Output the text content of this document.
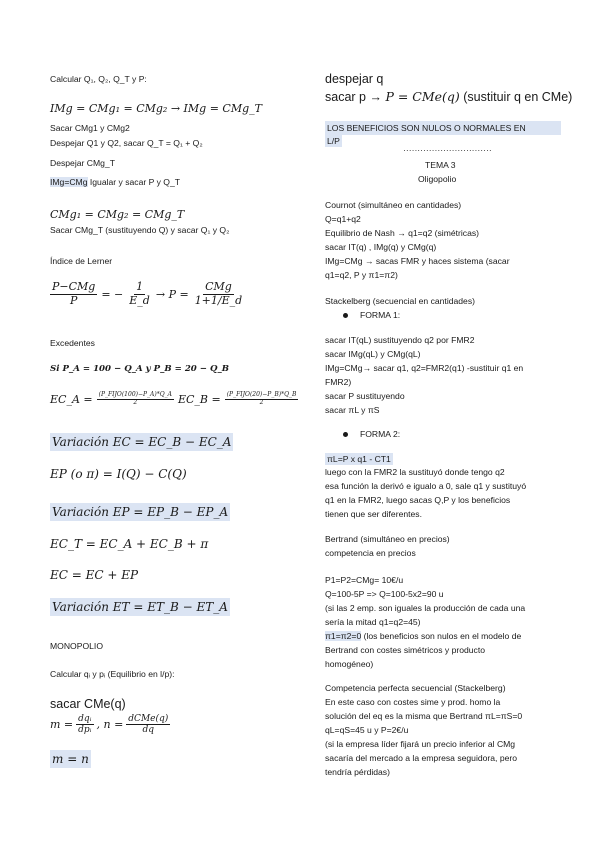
Calcular Q₁, Q₂, Q_T y P:
IMg = CMg₁ = CMg₂ → IMg = CMg_T
Sacar CMg1 y CMg2
Despejar Q1 y Q2, sacar Q_T = Q₁ + Q₂
Despejar CMg_T
IMg=CMg Igualar y sacar P y Q_T
CMg₁ = CMg₂ = CMg_T
Sacar CMg_T (sustituyendo Q) y sacar Q₁ y Q₂
Índice de Lerner
$\frac{\text{P−CMg}}{P}$ = − $\frac{1}{E\_d} \to P = \frac{\text{CMg}}{1+1/E\_d}$
Excedentes
Si P_A = 100 − Q_A y P_B = 20 − Q_B
EC_A = $\frac{\text{(P\_FIJO(100)−P\_A)*Q\_A}}{2}$ EC_B = $\frac{\text{(P\_FIJO(20)−P\_B)*Q\_B}}{2}$
Variación EC = EC_B − EC_A
EP (o π) = I(Q) − C(Q)
Variación EP = EP_B − EP_A
EC_T = EC_A + EC_B + π
EC = EC + EP
Variación ET = ET_B − ET_A
MONOPOLIO
Calcular qᵢ y pᵢ (Equilibrio en l/p):
sacar CMe(q)
$m = \frac{\text{dqᵢ}}{\text{dpᵢ}}$ , $n = \frac{\text{dCMe(q)}}{dq}$
m = n
despejar q
sacar p → P = CMe(q) (sustituir q en CMe)
LOS BENEFICIOS SON NULOS O NORMALES EN
L/P
·······························
TEMA 3
Oligopolio
Cournot (simultáneo en cantidades)
Q=q1+q2
Equilibrio de Nash → q1=q2 (simétricas)
sacar IT(q) , IMg(q) y CMg(q)
IMg=CMg → sacas FMR y haces sistema (sacar
q1=q2, P y π1=π2)
Stackelberg (secuencial en cantidades)
FORMA 1:
sacar IT(qL) sustituyendo q2 por FMR2
sacar IMg(qL) y CMg(qL)
IMg=CMg→ sacar q1, q2=FMR2(q1) -sustituir q1 en
FMR2)
sacar P sustituyendo
sacar πL y πS
FORMA 2:
πL=P x q1 - CT1
luego con la FMR2 la sustituyó donde tengo q2
esa función la derivó e igualo a 0, sale q1 y sustituyó
q1 en la FMR2, luego sacas Q,P y los beneficios
tienen que ser diferentes.
Bertrand (simultáneo en precios)
competencia en precios
P1=P2=CMg= 10€/u
Q=100-5P => Q=100-5x2=90 u
(si las 2 emp. son iguales la producción de cada una
sería la mitad q1=q2=45)
π1=π2=0 (los beneficios son nulos en el modelo de
Bertrand con costes simétricos y producto
homogéneo)
Competencia perfecta secuencial (Stackelberg)
En este caso con costes sime y prod. homo la
solución del eq es la misma que Bertrand πL=πS=0
qL=qS=45 u y P=2€/u
(si la empresa líder fijará un precio inferior al CMg
sacaría del mercado a la empresa seguidora, pero
tendría pérdidas)
